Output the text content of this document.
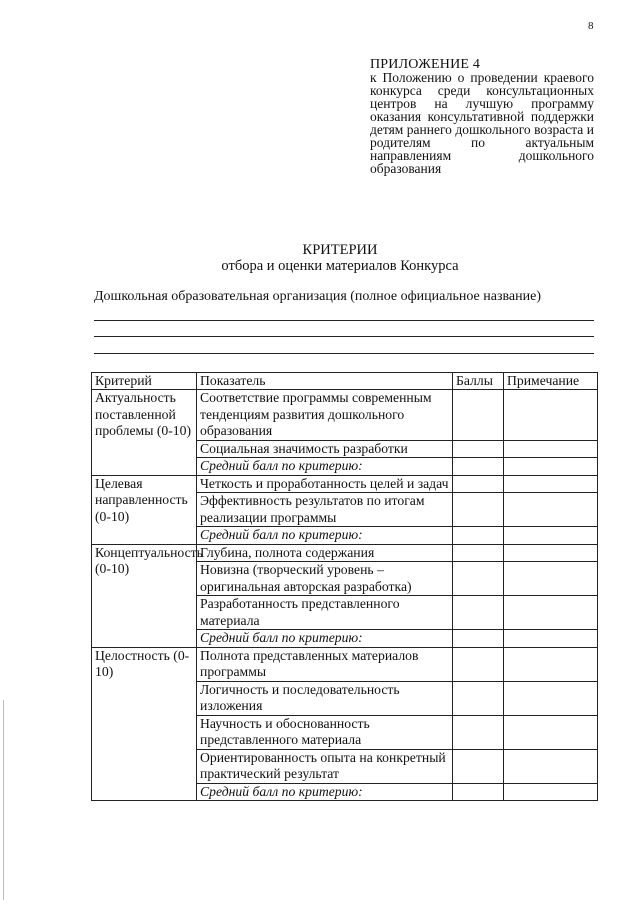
8
ПРИЛОЖЕНИЕ 4
к Положению о проведении краевого конкурса среди консультационных центров на лучшую программу оказания консультативной поддержки детям раннего дошкольного возраста и родителям по актуальным направлениям дошкольного образования
КРИТЕРИИ
отбора и оценки материалов Конкурса
Дошкольная образовательная организация (полное официальное название)
Критерий	Показатель	Баллы	Примечание
Актуальность поставленной проблемы (0-10)	Соответствие программы современным тенденциям развития дошкольного образования		
	Социальная значимость разработки		
	Средний балл по критерию:		
Целевая направленность (0-10)	Четкость и проработанность целей и задач		
	Эффективность результатов по итогам реализации программы		
	Средний балл по критерию:		
Концептуальность (0-10)	Глубина, полнота содержания		
	Новизна (творческий уровень – оригинальная авторская разработка)		
	Разработанность представленного материала		
	Средний балл по критерию:		
Целостность (0-10)	Полнота представленных материалов программы		
	Логичность и последовательность изложения		
	Научность и обоснованность представленного материала		
	Ориентированность опыта на конкретный практический результат		
	Средний балл по критерию:		
